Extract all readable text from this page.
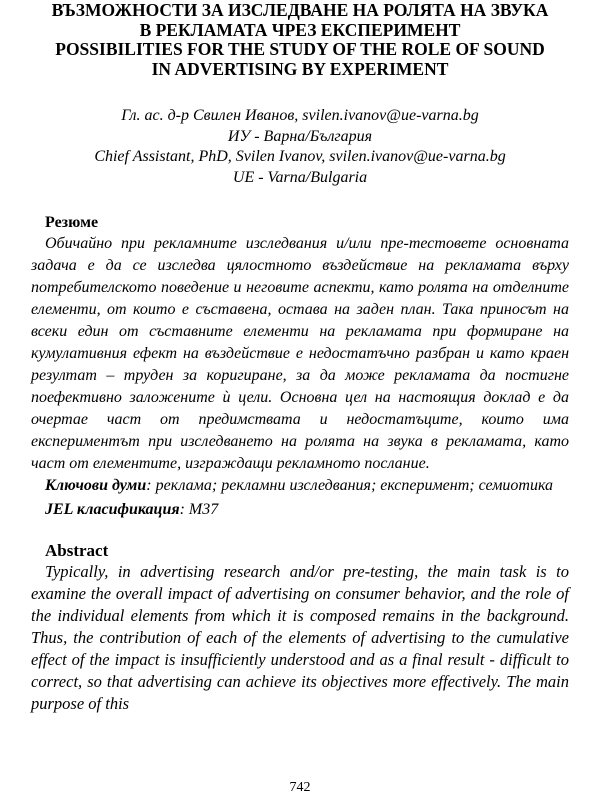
ВЪЗМОЖНОСТИ ЗА ИЗСЛЕДВАНЕ НА РОЛЯТА НА ЗВУКА
В РЕКЛАМАТА ЧРЕЗ ЕКСПЕРИМЕНТ
POSSIBILITIES FOR THE STUDY OF THE ROLE OF SOUND
IN ADVERTISING BY EXPERIMENT
Гл. ас. д-р Свилен Иванов, svilen.ivanov@ue-varna.bg
ИУ - Варна/България
Chief Assistant, PhD, Svilen Ivanov, svilen.ivanov@ue-varna.bg
UE - Varna/Bulgaria
Резюме
Обичайно при рекламните изследвания и/или пре-тестовете основната задача е да се изследва цялостното въздействие на рекламата върху потребителското поведение и неговите аспекти, като ролята на отделните елементи, от които е съставена, остава на заден план. Така приносът на всеки един от съставните елементи на рекламата при формиране на кумулативния ефект на въздействие е недостатъчно разбран и като краен резултат – труден за коригиране, за да може рекламата да постигне поефективно заложените ѝ цели. Основна цел на настоящия доклад е да очертае част от предимствата и недостатъците, които има експериментът при изследването на ролята на звука в рекламата, като част от елементите, изграждащи рекламното послание.
Ключови думи: реклама; рекламни изследвания; експеримент; семиотика
JEL класификация: M37
Abstract
Typically, in advertising research and/or pre-testing, the main task is to examine the overall impact of advertising on consumer behavior, and the role of the individual elements from which it is composed remains in the background. Thus, the contribution of each of the elements of advertising to the cumulative effect of the impact is insufficiently understood and as a final result - difficult to correct, so that advertising can achieve its objectives more effectively. The main purpose of this
742
